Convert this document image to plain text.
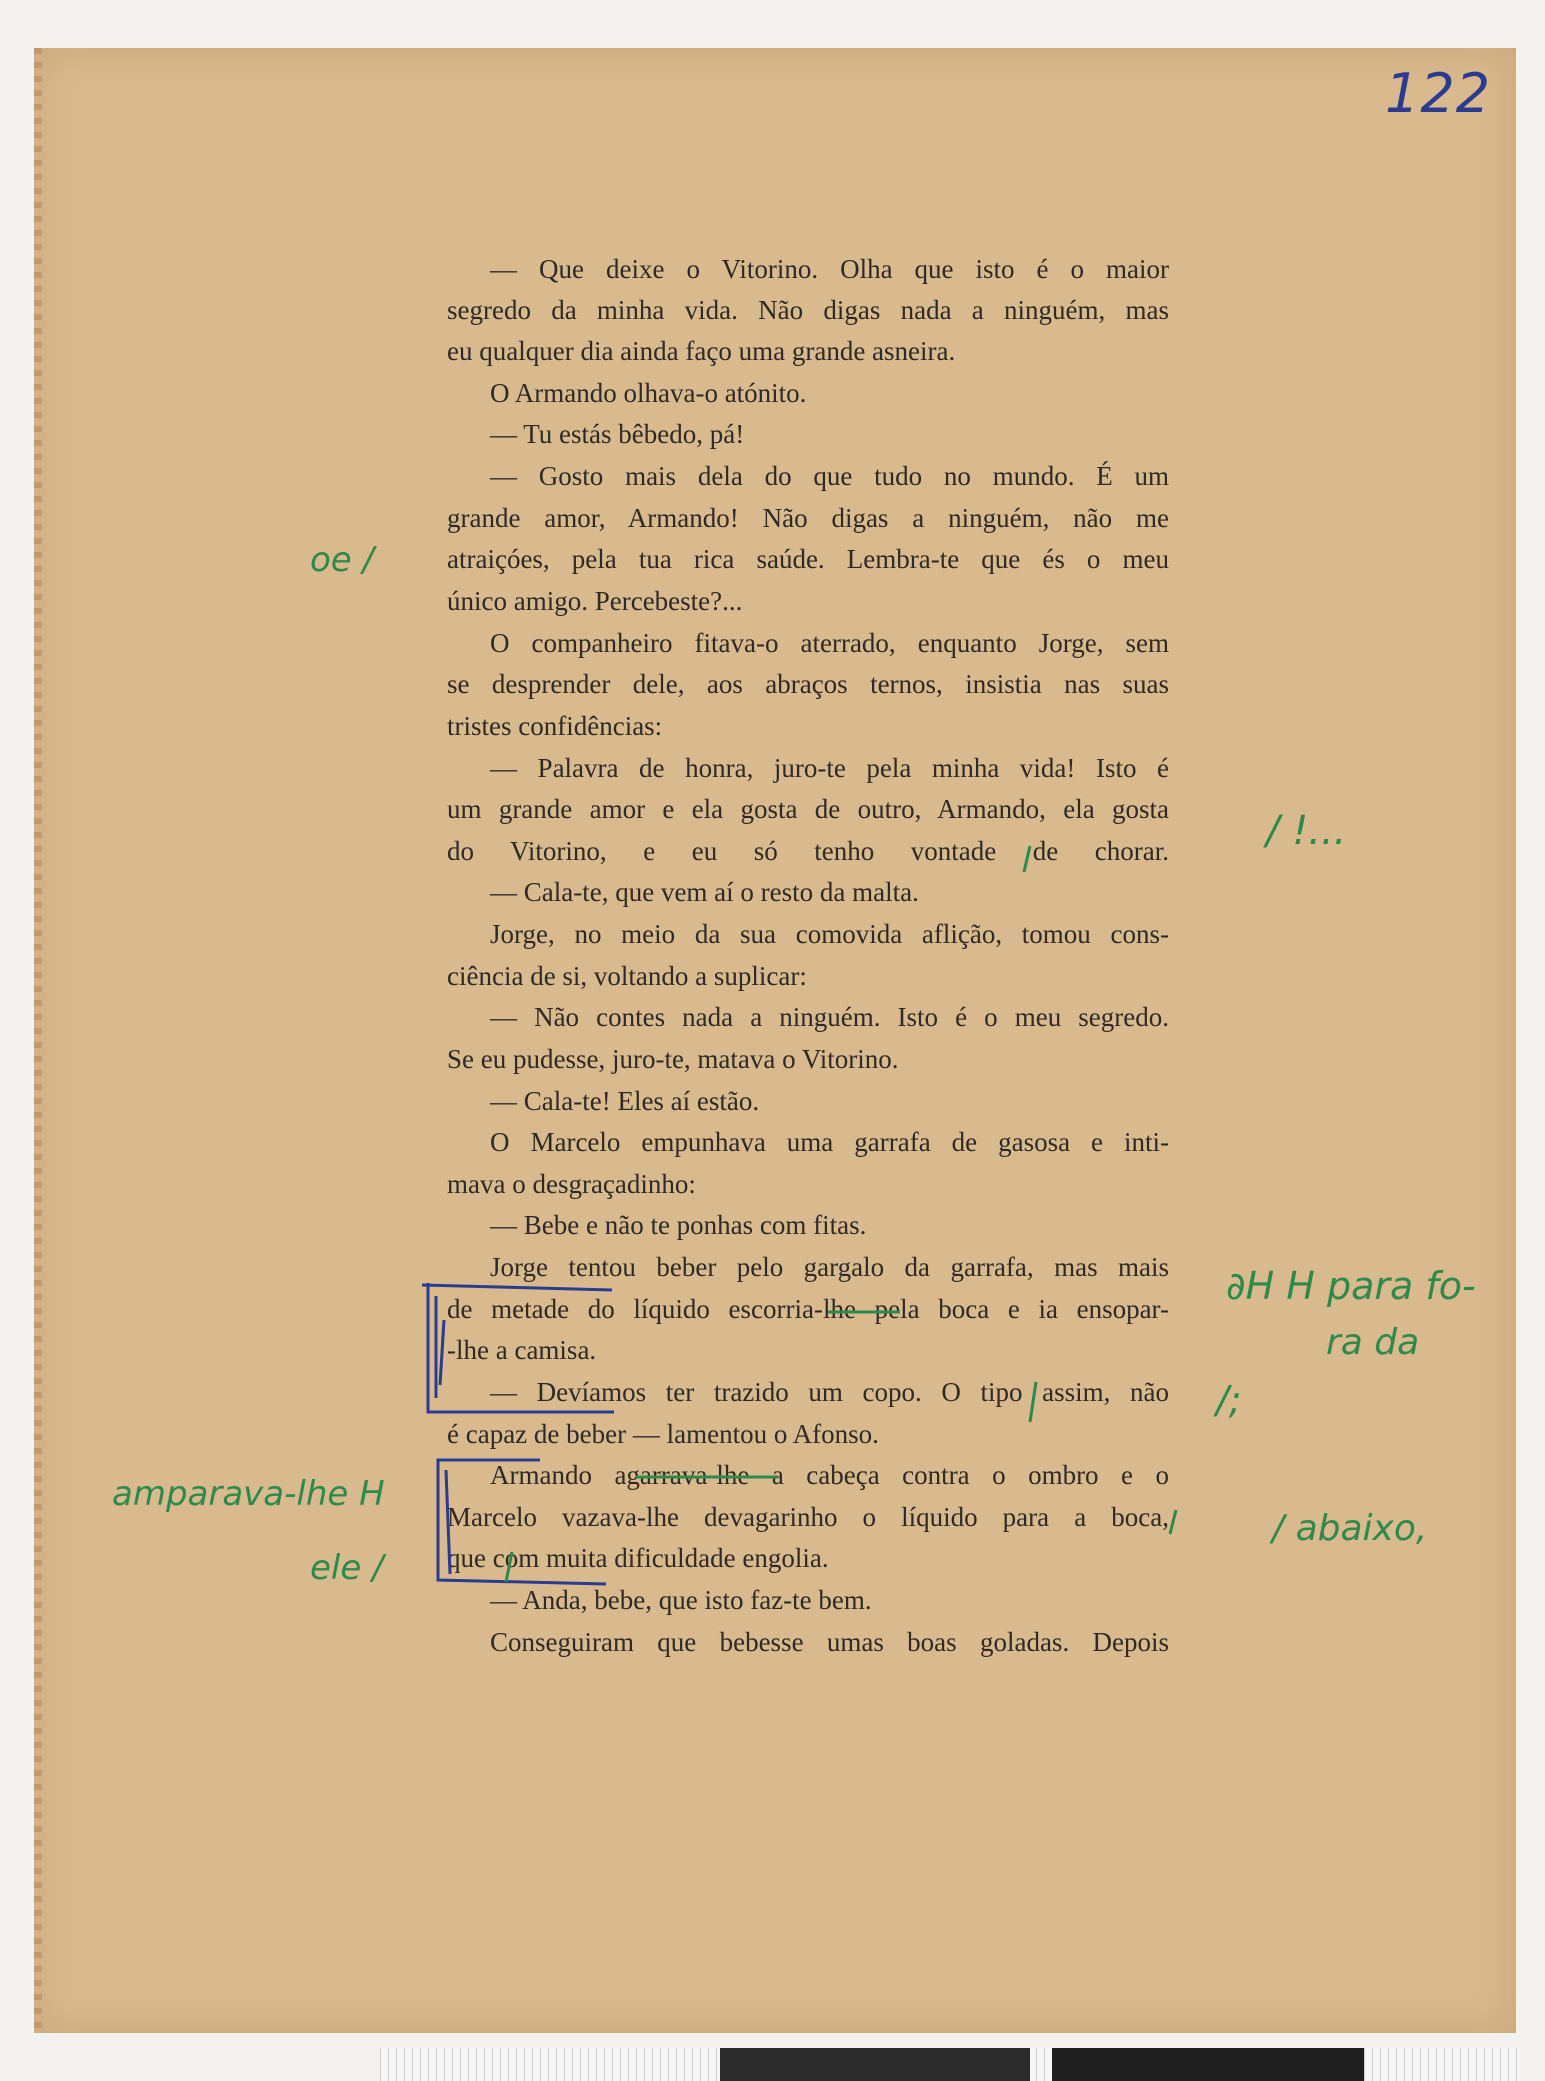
122
— Que deixe o Vitorino. Olha que isto é o maior
segredo da minha vida. Não digas nada a ninguém, mas
eu qualquer dia ainda faço uma grande asneira.
O Armando olhava-o atónito.
— Tu estás bêbedo, pá!
— Gosto mais dela do que tudo no mundo. É um
grande amor, Armando! Não digas a ninguém, não me
atraiçóes, pela tua rica saúde. Lembra-te que és o meu
único amigo. Percebeste?...
O companheiro fitava-o aterrado, enquanto Jorge, sem
se desprender dele, aos abraços ternos, insistia nas suas
tristes confidências:
— Palavra de honra, juro-te pela minha vida! Isto é
um grande amor e ela gosta de outro, Armando, ela gosta
do Vitorino, e eu só tenho vontade de chorar.
— Cala-te, que vem aí o resto da malta.
Jorge, no meio da sua comovida aflição, tomou cons-
ciência de si, voltando a suplicar:
— Não contes nada a ninguém. Isto é o meu segredo.
Se eu pudesse, juro-te, matava o Vitorino.
— Cala-te! Eles aí estão.
O Marcelo empunhava uma garrafa de gasosa e inti-
mava o desgraçadinho:
— Bebe e não te ponhas com fitas.
Jorge tentou beber pelo gargalo da garrafa, mas mais
de metade do líquido escorria-lhe pela boca e ia ensopar-
-lhe a camisa.
— Devíamos ter trazido um copo. O tipo assim, não
é capaz de beber — lamentou o Afonso.
Armando agarrava-lhe a cabeça contra o ombro e o
Marcelo vazava-lhe devagarinho o líquido para a boca,
que com muita dificuldade engolia.
— Anda, bebe, que isto faz-te bem.
Conseguiram que bebesse umas boas goladas. Depois
oe /
amparava-lhe H
ele /
/ !...
∂H H para fo-
ra da
/;
/ abaixo,
